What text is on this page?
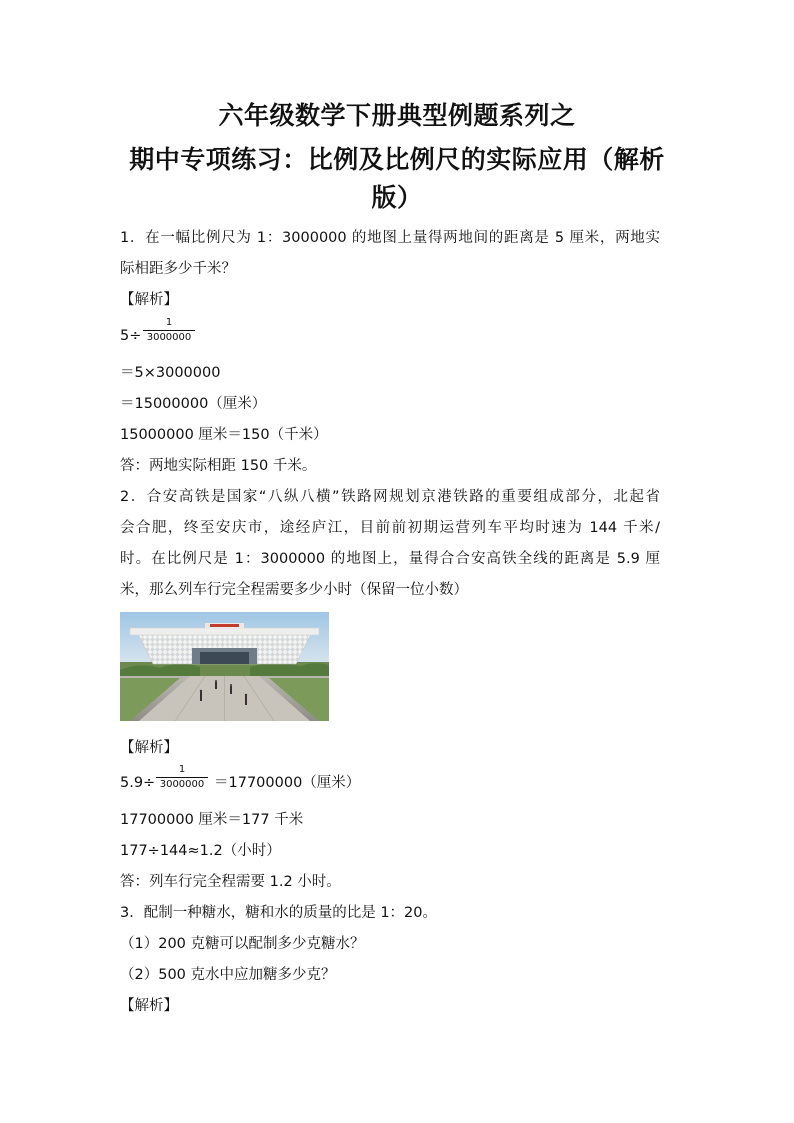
六年级数学下册典型例题系列之
期中专项练习：比例及比例尺的实际应用（解析
版）
1．在一幅比例尺为 1：3000000 的地图上量得两地间的距离是 5 厘米，两地实
际相距多少千米？
【解析】
5÷
1
3000000
＝5×3000000
＝15000000（厘米）
15000000 厘米＝150（千米）
答：两地实际相距 150 千米。
2．合安高铁是国家“八纵八横”铁路网规划京港铁路的重要组成部分，北起省
会合肥，终至安庆市，途经庐江，目前前初期运营列车平均时速为 144 千米/
时。在比例尺是 1：3000000 的地图上，量得合合安高铁全线的距离是 5.9 厘
米，那么列车行完全程需要多少小时（保留一位小数）
【解析】
5.9÷
1
3000000 ＝17700000（厘米）
17700000 厘米＝177 千米
177÷144≈1.2（小时）
答：列车行完全程需要 1.2 小时。
3．配制一种糖水，糖和水的质量的比是 1：20。
（1）200 克糖可以配制多少克糖水？
（2）500 克水中应加糖多少克？
【解析】
